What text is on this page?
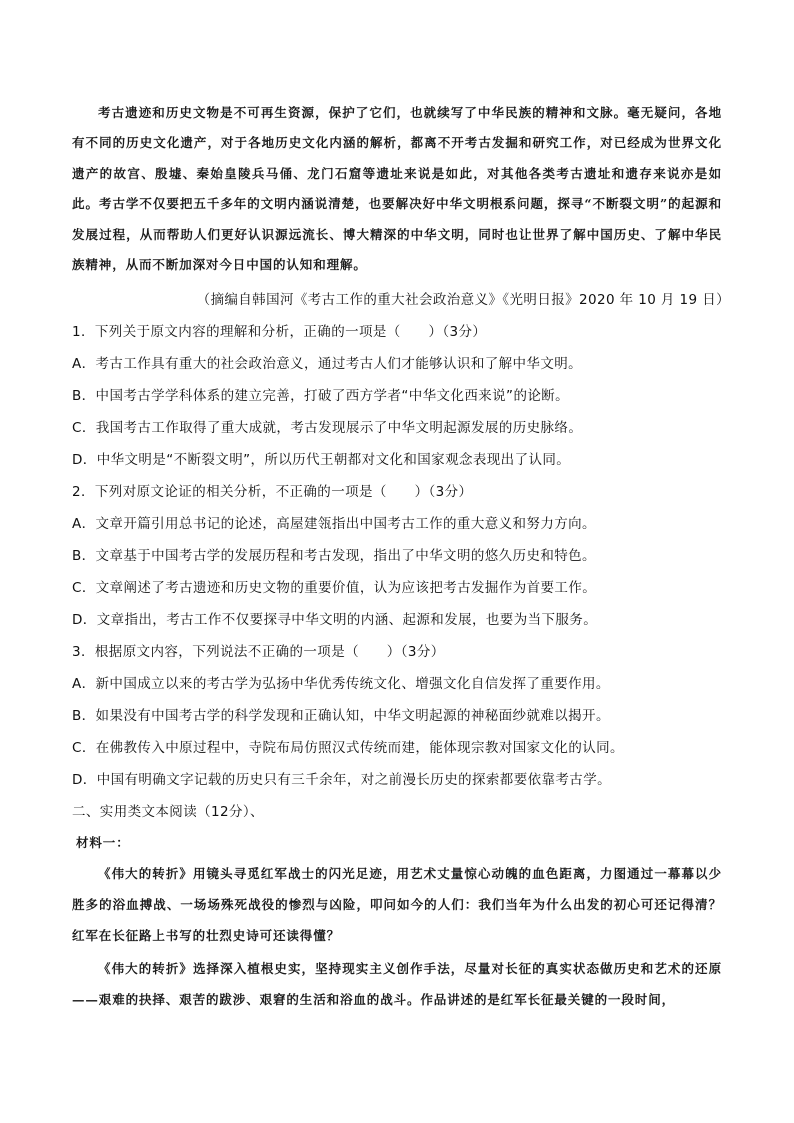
考古遗迹和历史文物是不可再生资源，保护了它们，也就续写了中华民族的精神和文脉。毫无疑问，各地有不同的历史文化遗产，对于各地历史文化内涵的解析，都离不开考古发掘和研究工作，对已经成为世界文化遗产的故宫、殷墟、秦始皇陵兵马俑、龙门石窟等遗址来说是如此，对其他各类考古遗址和遗存来说亦是如此。考古学不仅要把五千多年的文明内涵说清楚，也要解决好中华文明根系问题，探寻“不断裂文明”的起源和发展过程，从而帮助人们更好认识源远流长、博大精深的中华文明，同时也让世界了解中国历史、了解中华民族精神，从而不断加深对今日中国的认知和理解。

（摘编自韩国河《考古工作的重大社会政治意义》《光明日报》2020 年 10 月 19 日）

1．下列关于原文内容的理解和分析，正确的一项是（　　）（3分）

A．考古工作具有重大的社会政治意义，通过考古人们才能够认识和了解中华文明。

B．中国考古学学科体系的建立完善，打破了西方学者“中华文化西来说”的论断。

C．我国考古工作取得了重大成就，考古发现展示了中华文明起源发展的历史脉络。

D．中华文明是“不断裂文明”，所以历代王朝都对文化和国家观念表现出了认同。

2．下列对原文论证的相关分析，不正确的一项是（　　）（3分）

A．文章开篇引用总书记的论述，高屋建瓴指出中国考古工作的重大意义和努力方向。

B．文章基于中国考古学的发展历程和考古发现，指出了中华文明的悠久历史和特色。

C．文章阐述了考古遗迹和历史文物的重要价值，认为应该把考古发掘作为首要工作。

D．文章指出，考古工作不仅要探寻中华文明的内涵、起源和发展，也要为当下服务。

3．根据原文内容，下列说法不正确的一项是（　　）（3分）

A．新中国成立以来的考古学为弘扬中华优秀传统文化、增强文化自信发挥了重要作用。

B．如果没有中国考古学的科学发现和正确认知，中华文明起源的神秘面纱就难以揭开。

C．在佛教传入中原过程中，寺院布局仿照汉式传统而建，能体现宗教对国家文化的认同。

D．中国有明确文字记载的历史只有三千余年，对之前漫长历史的探索都要依靠考古学。

二、实用类文本阅读（12分）、

材料一：

《伟大的转折》用镜头寻觅红军战士的闪光足迹，用艺术丈量惊心动魄的血色距离，力图通过一幕幕以少胜多的浴血搏战、一场场殊死战役的惨烈与凶险，叩问如今的人们：我们当年为什么出发的初心可还记得清？红军在长征路上书写的壮烈史诗可还读得懂？

《伟大的转折》选择深入植根史实，坚持现实主义创作手法，尽量对长征的真实状态做历史和艺术的还原——艰难的抉择、艰苦的跋涉、艰窘的生活和浴血的战斗。作品讲述的是红军长征最关键的一段时间，
